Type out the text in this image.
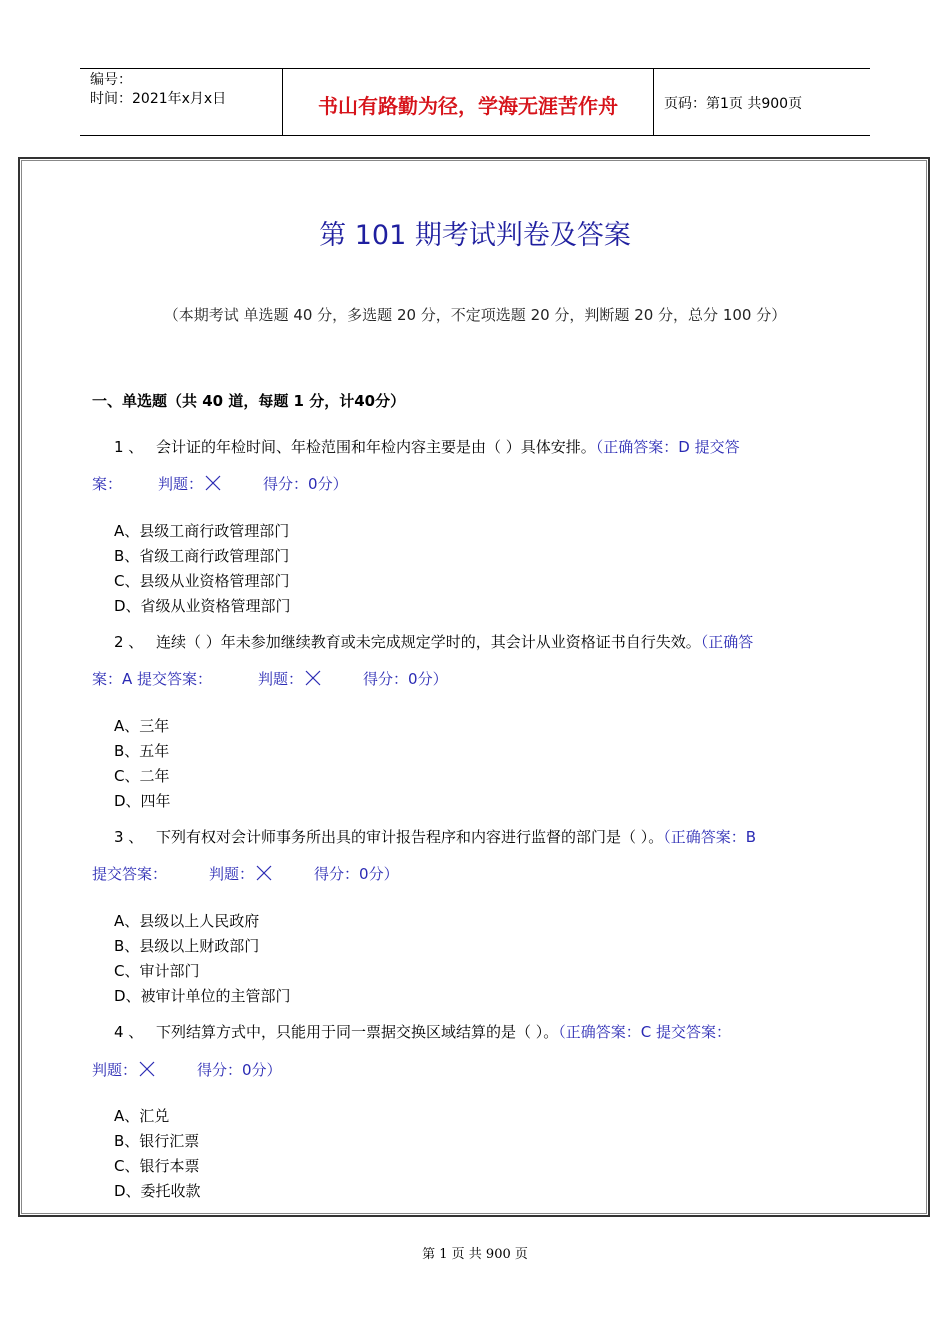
编号：
时间：2021年x月x日	书山有路勤为径，学海无涯苦作舟	页码：第1页 共900页
第 101 期考试判卷及答案
（本期考试 单选题 40 分，多选题 20 分，不定项选题 20 分，判断题 20 分，总分 100 分）
一、单选题（共 40 道，每题 1 分，计40分）
1 、 会计证的年检时间、年检范围和年检内容主要是由（ ）具体安排。（正确答案：D 提交答
案： 判题：	得分：0分）
A、县级工商行政管理部门
B、省级工商行政管理部门
C、县级从业资格管理部门
D、省级从业资格管理部门
2 、 连续（ ）年未参加继续教育或未完成规定学时的，其会计从业资格证书自行失效。（正确答
案：A 提交答案：	判题：	得分：0分）
A、三年
B、五年
C、二年
D、四年
3 、 下列有权对会计师事务所出具的审计报告程序和内容进行监督的部门是（ ）。（正确答案：B
提交答案：	判题：	得分：0分）
A、县级以上人民政府
B、县级以上财政部门
C、审计部门
D、被审计单位的主管部门
4 、 下列结算方式中，只能用于同一票据交换区域结算的是（ ）。（正确答案：C 提交答案：
判题：	得分：0分）
A、汇兑
B、银行汇票
C、银行本票
D、委托收款
第 1 页 共 900 页
